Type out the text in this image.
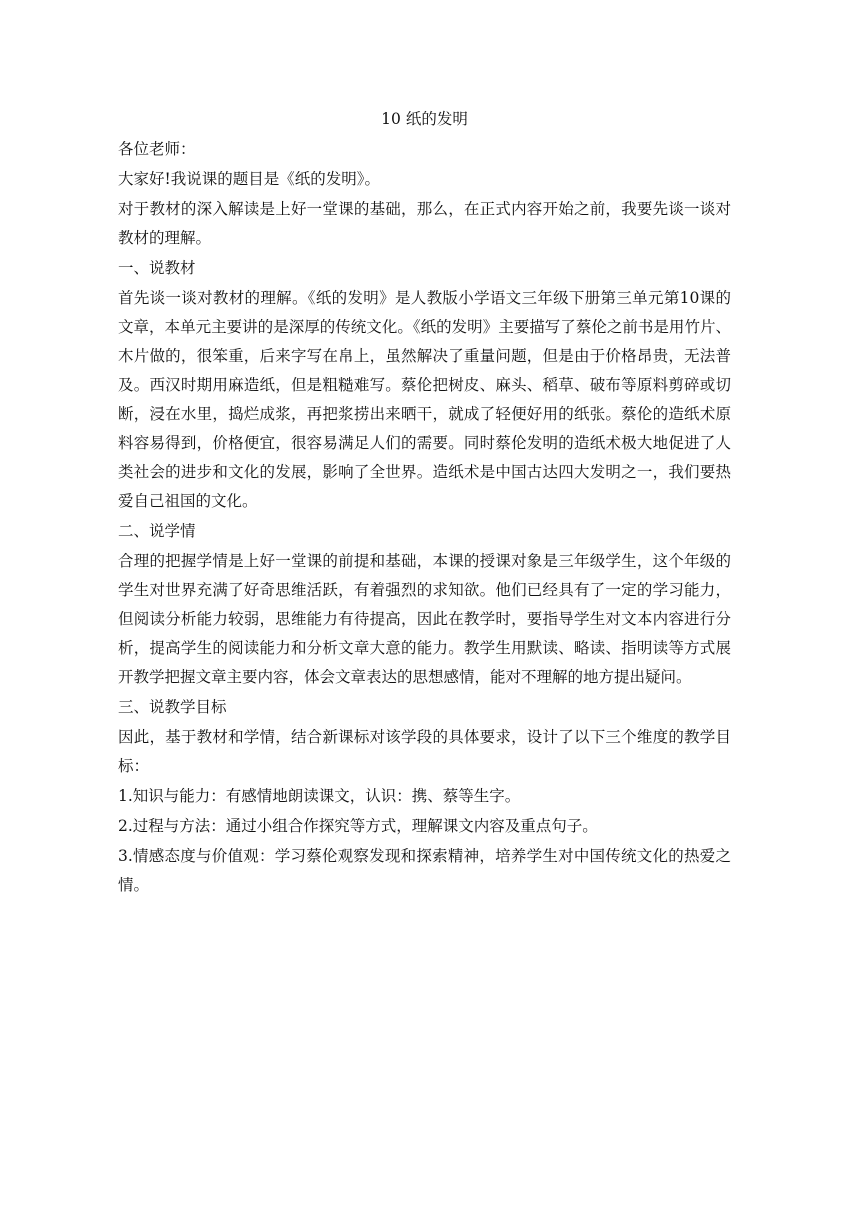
10 纸的发明
各位老师：
大家好!我说课的题目是《纸的发明》。
对于教材的深入解读是上好一堂课的基础，那么，在正式内容开始之前，我要先谈一谈对教材的理解。
一、说教材
首先谈一谈对教材的理解。《纸的发明》是人教版小学语文三年级下册第三单元第10课的文章，本单元主要讲的是深厚的传统文化。《纸的发明》主要描写了蔡伦之前书是用竹片、木片做的，很笨重，后来字写在帛上，虽然解决了重量问题，但是由于价格昂贵，无法普及。西汉时期用麻造纸，但是粗糙难写。蔡伦把树皮、麻头、稻草、破布等原料剪碎或切断，浸在水里，捣烂成浆，再把浆捞出来晒干，就成了轻便好用的纸张。蔡伦的造纸术原料容易得到，价格便宜，很容易满足人们的需要。同时蔡伦发明的造纸术极大地促进了人类社会的进步和文化的发展，影响了全世界。造纸术是中国古达四大发明之一，我们要热爱自己祖国的文化。
二、说学情
合理的把握学情是上好一堂课的前提和基础，本课的授课对象是三年级学生，这个年级的学生对世界充满了好奇思维活跃，有着强烈的求知欲。他们已经具有了一定的学习能力，但阅读分析能力较弱，思维能力有待提高，因此在教学时，要指导学生对文本内容进行分析，提高学生的阅读能力和分析文章大意的能力。教学生用默读、略读、指明读等方式展开教学把握文章主要内容，体会文章表达的思想感情，能对不理解的地方提出疑问。
三、说教学目标
因此，基于教材和学情，结合新课标对该学段的具体要求，设计了以下三个维度的教学目标：
1.知识与能力：有感情地朗读课文，认识：携、蔡等生字。
2.过程与方法：通过小组合作探究等方式，理解课文内容及重点句子。
3.情感态度与价值观：学习蔡伦观察发现和探索精神，培养学生对中国传统文化的热爱之情。
